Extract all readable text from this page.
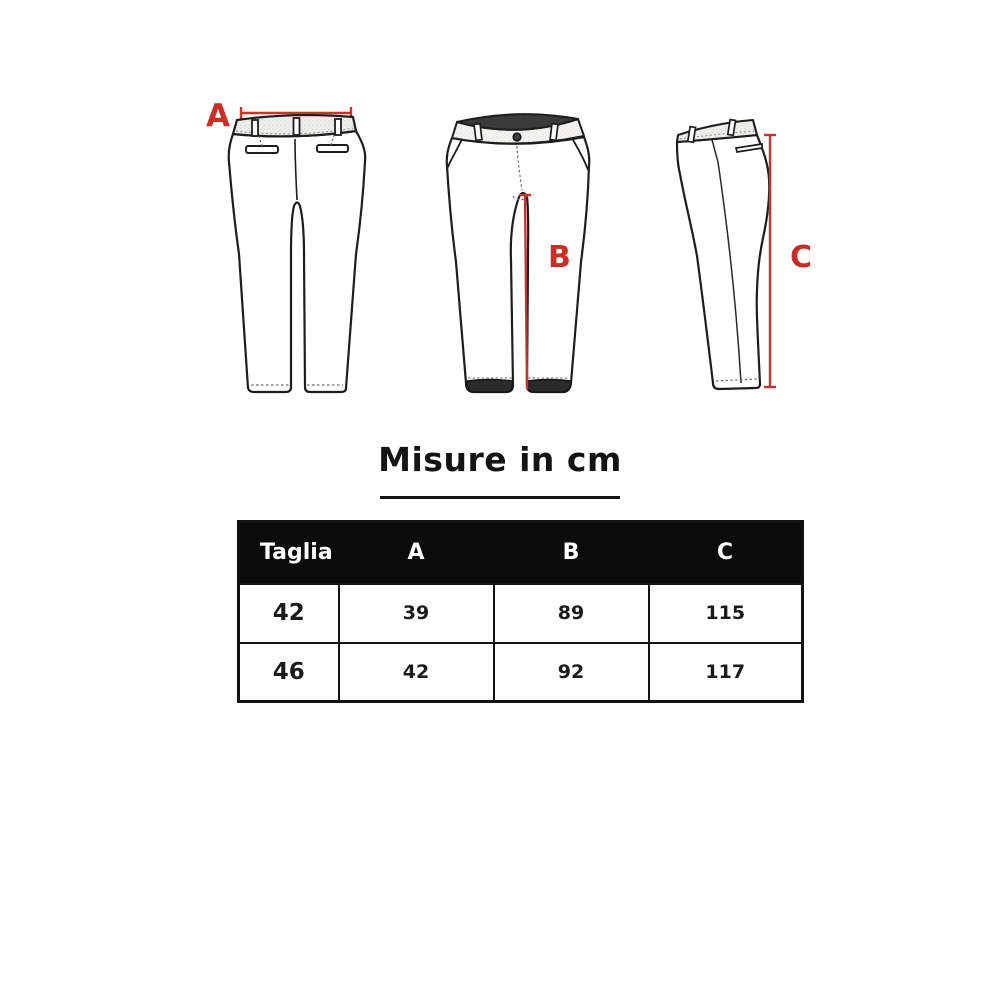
A
B	C
Misure in cm
Taglia	A	B	C
42	39	89	115
46	42	92	117
